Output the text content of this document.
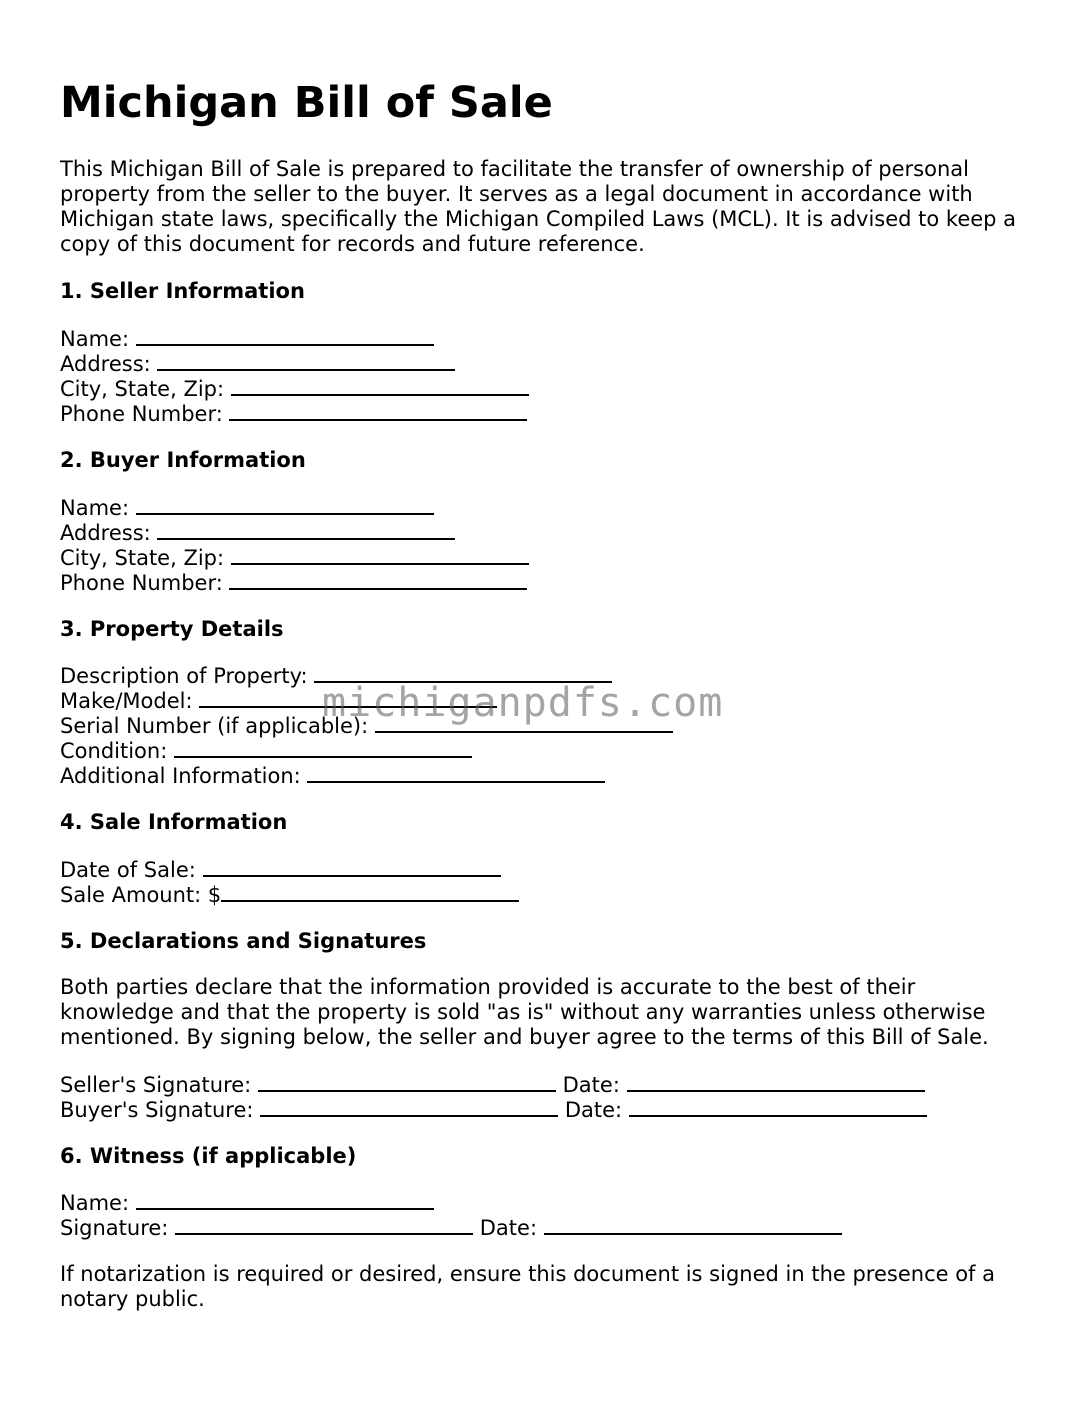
Michigan Bill of Sale

This Michigan Bill of Sale is prepared to facilitate the transfer of ownership of personal property from the seller to the buyer. It serves as a legal document in accordance with Michigan state laws, specifically the Michigan Compiled Laws (MCL). It is advised to keep a copy of this document for records and future reference.

1. Seller Information
Name:
Address:
City, State, Zip:
Phone Number:
2. Buyer Information
Name:
Address:
City, State, Zip:
Phone Number:
3. Property Details
Description of Property:
Make/Model:
Serial Number (if applicable):
Condition:
Additional Information:
4. Sale Information
Date of Sale:
Sale Amount: $
5. Declarations and Signatures

Both parties declare that the information provided is accurate to the best of their knowledge and that the property is sold "as is" without any warranties unless otherwise mentioned. By signing below, the seller and buyer agree to the terms of this Bill of Sale.

Seller's Signature:	Date:
Buyer's Signature:	Date:
6. Witness (if applicable)
Name:
Signature:	Date:

If notarization is required or desired, ensure this document is signed in the presence of a notary public.

michiganpdfs.com
